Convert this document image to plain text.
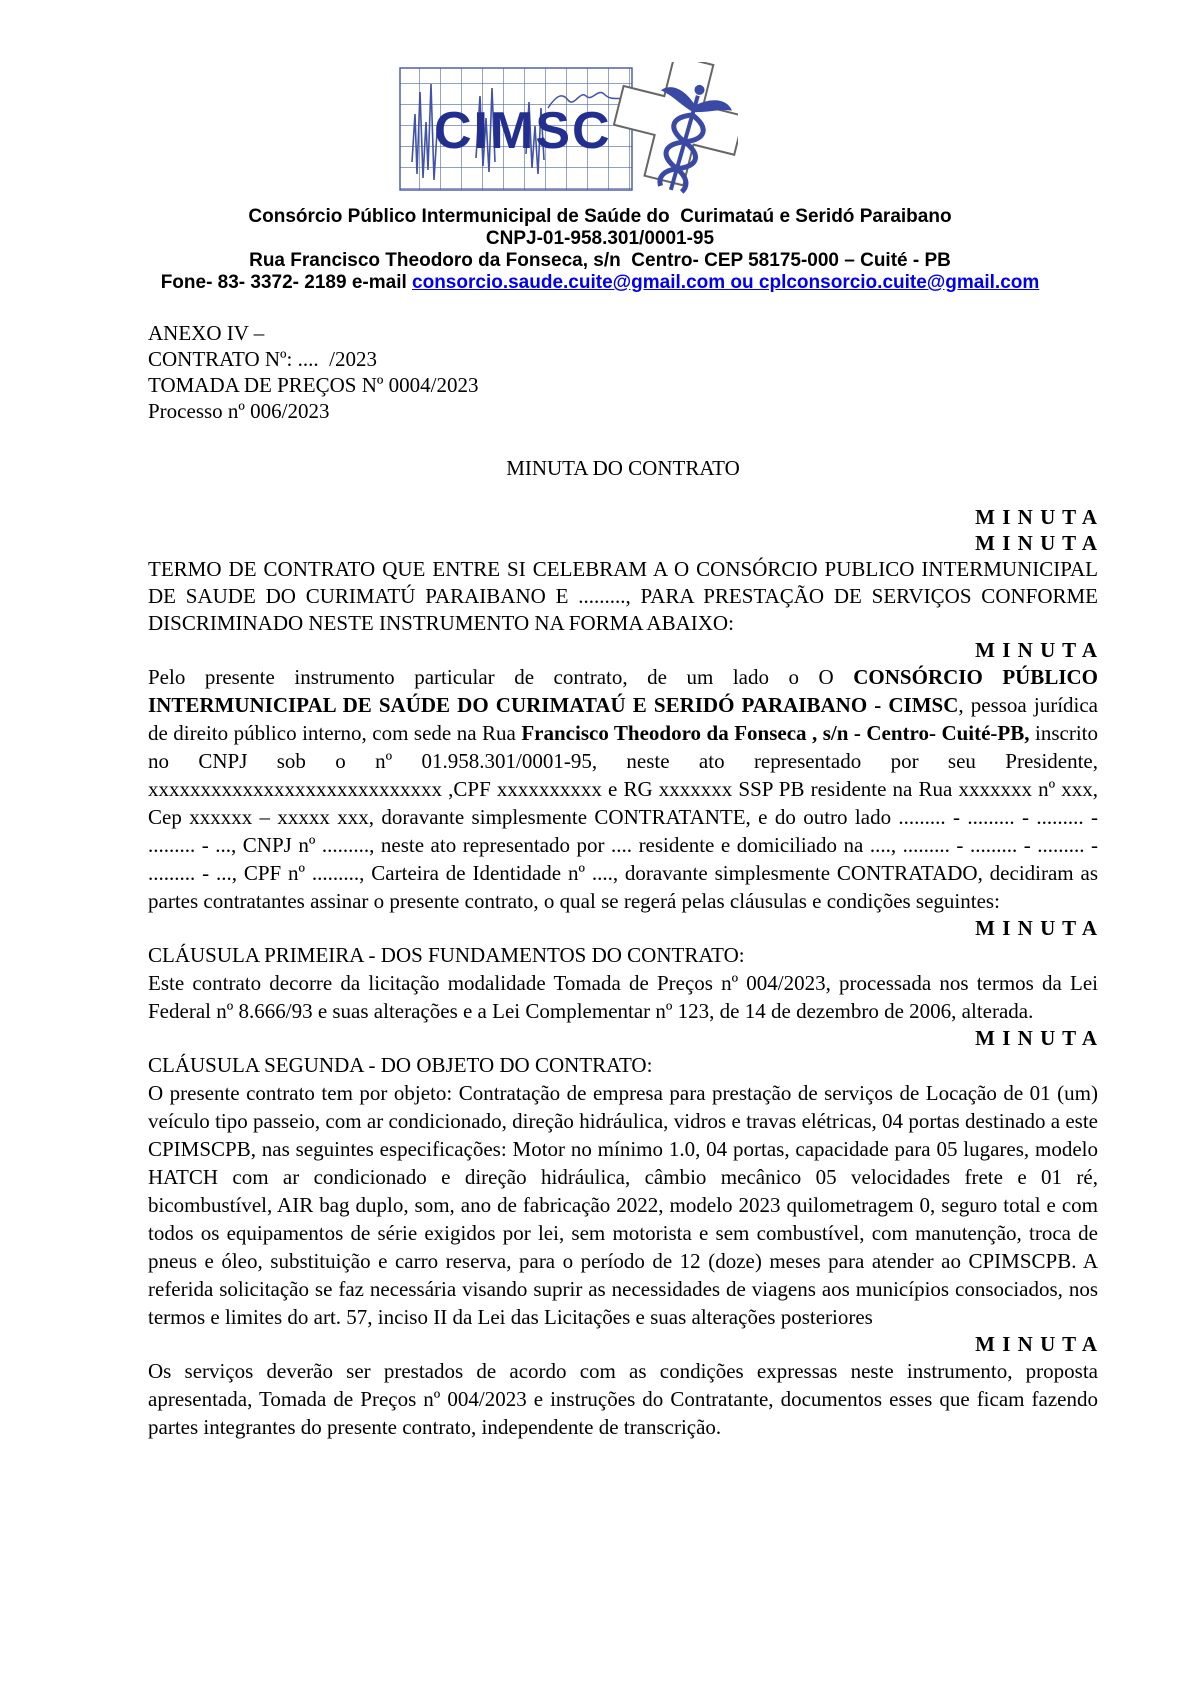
CIMSC
Consórcio Público Intermunicipal de Saúde do  Curimataú e Seridó Paraibano
CNPJ-01-958.301/0001-95
Rua Francisco Theodoro da Fonseca, s/n  Centro- CEP 58175-000 – Cuité - PB
Fone- 83- 3372- 2189 e-mail consorcio.saude.cuite@gmail.com ou cplconsorcio.cuite@gmail.com
ANEXO IV –
CONTRATO Nº: ....  /2023
TOMADA DE PREÇOS Nº 0004/2023
Processo nº 006/2023
MINUTA DO CONTRATO
M I N U T A
M I N U T A

TERMO DE CONTRATO QUE ENTRE SI CELEBRAM A O CONSÓRCIO PUBLICO INTERMUNICIPAL DE SAUDE DO CURIMATÚ PARAIBANO E ........., PARA PRESTAÇÃO DE SERVIÇOS CONFORME DISCRIMINADO NESTE INSTRUMENTO NA FORMA ABAIXO:

M I N U T A

Pelo presente instrumento particular de contrato, de um lado o O CONSÓRCIO PÚBLICO INTERMUNICIPAL DE SAÚDE DO CURIMATAÚ E SERIDÓ PARAIBANO - CIMSC, pessoa jurídica de direito público interno, com sede na Rua Francisco Theodoro da Fonseca , s/n - Centro- Cuité-PB, inscrito no CNPJ sob o nº 01.958.301/0001-95, neste ato representado por seu Presidente, xxxxxxxxxxxxxxxxxxxxxxxxxxxx ,CPF xxxxxxxxxx e RG xxxxxxx SSP PB residente na Rua xxxxxxx nº xxx, Cep xxxxxx – xxxxx xxx, doravante simplesmente CONTRATANTE, e do outro lado ......... - ......... - ......... - ......... - ..., CNPJ nº ........., neste ato representado por .... residente e domiciliado na ...., ......... - ......... - ......... - ......... - ..., CPF nº ........., Carteira de Identidade nº ...., doravante simplesmente CONTRATADO, decidiram as partes contratantes assinar o presente contrato, o qual se regerá pelas cláusulas e condições seguintes:

M I N U T A
CLÁUSULA PRIMEIRA - DOS FUNDAMENTOS DO CONTRATO:

Este contrato decorre da licitação modalidade Tomada de Preços nº 004/2023, processada nos termos da Lei Federal nº 8.666/93 e suas alterações e a Lei Complementar nº 123, de 14 de dezembro de 2006, alterada.

M I N U T A
CLÁUSULA SEGUNDA - DO OBJETO DO CONTRATO:

O presente contrato tem por objeto: Contratação de empresa para prestação de serviços de Locação de 01 (um) veículo tipo passeio, com ar condicionado, direção hidráulica, vidros e travas elétricas, 04 portas destinado a este CPIMSCPB, nas seguintes especificações: Motor no mínimo 1.0, 04 portas, capacidade para 05 lugares, modelo HATCH com ar condicionado e direção hidráulica, câmbio mecânico 05 velocidades frete e 01 ré, bicombustível, AIR bag duplo, som, ano de fabricação 2022, modelo 2023 quilometragem 0, seguro total e com todos os equipamentos de série exigidos por lei, sem motorista e sem combustível, com manutenção, troca de pneus e óleo, substituição e carro reserva, para o período de 12 (doze) meses para atender ao CPIMSCPB. A referida solicitação se faz necessária visando suprir as necessidades de viagens aos municípios consociados, nos termos e limites do art. 57, inciso II da Lei das Licitações e suas alterações posteriores

M I N U T A

Os serviços deverão ser prestados de acordo com as condições expressas neste instrumento, proposta apresentada, Tomada de Preços nº 004/2023 e instruções do Contratante, documentos esses que ficam fazendo partes integrantes do presente contrato, independente de transcrição.
